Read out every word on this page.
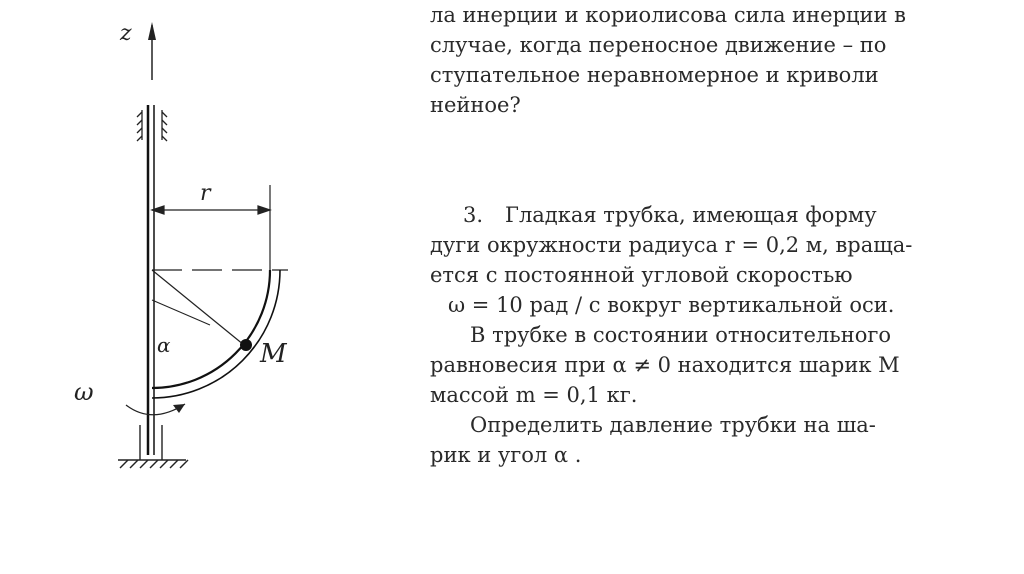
z
r
α	M
ω
ла инерции и кориолисова сила инерции в
случае, когда переносное движение – по
ступательное неравномерное и криволи
нейное?
3. Гладкая трубка, имеющая форму
дуги окружности радиуса r = 0,2 м, враща-
ется с постоянной угловой скоростью
ω = 10 рад / с вокруг вертикальной оси.
В трубке в состоянии относительного
равновесия при α ≠ 0 находится шарик M
массой m = 0,1 кг.
Определить давление трубки на ша-
рик и угол α .
